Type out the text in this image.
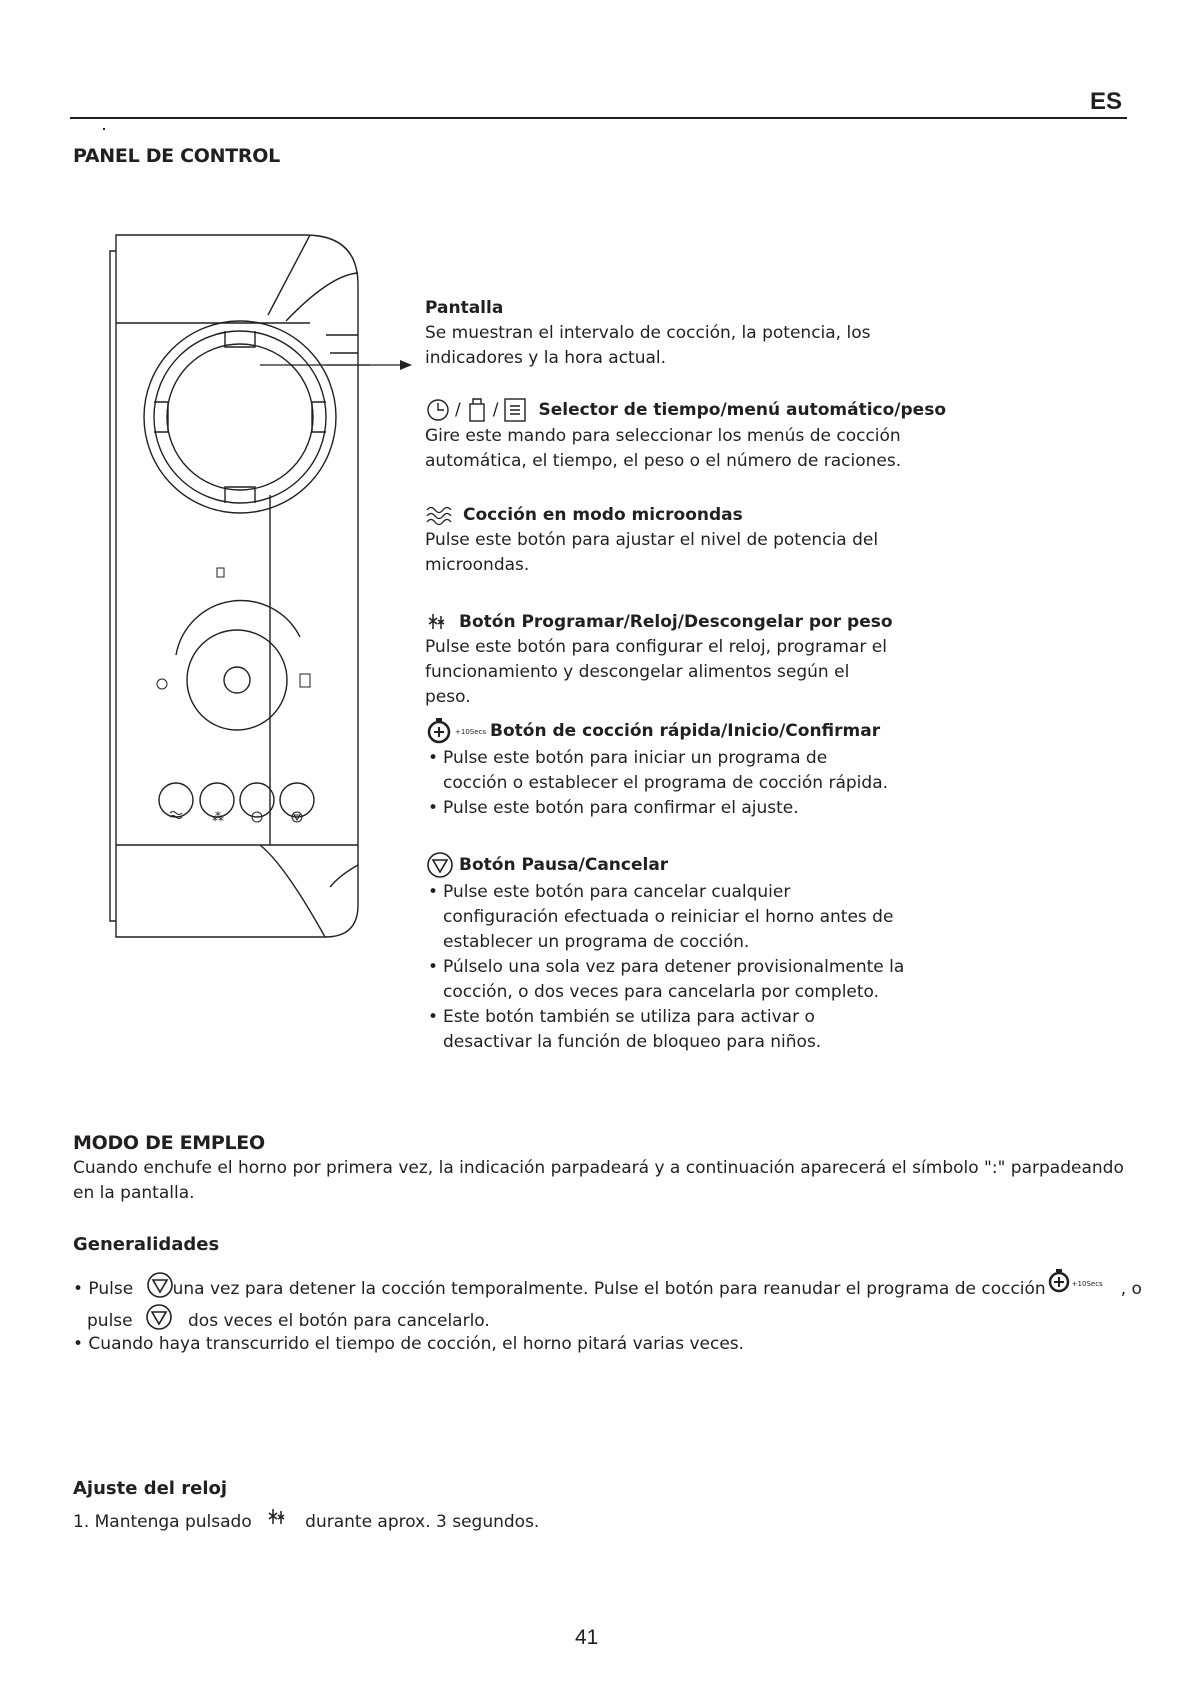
ES
PANEL DE CONTROL
⁂
Pantalla
Se muestran el intervalo de cocción, la potencia, los indicadores y la hora actual.
/ / Selector de tiempo/menú automático/peso
Gire este mando para seleccionar los menús de cocción automática, el tiempo, el peso o el número de raciones.
Cocción en modo microondas
Pulse este botón para ajustar el nivel de potencia del microondas.
Botón Programar/Reloj/Descongelar por peso
Pulse este botón para configurar el reloj, programar el funcionamiento y descongelar alimentos según el peso.
+10Secs Botón de cocción rápida/Inicio/Confirmar
• Pulse este botón para iniciar un programa de cocción o establecer el programa de cocción rápida.
• Pulse este botón para confirmar el ajuste.
Botón Pausa/Cancelar
• Pulse este botón para cancelar cualquier configuración efectuada o reiniciar el horno antes de establecer un programa de cocción.
• Púlselo una sola vez para detener provisionalmente la cocción, o dos veces para cancelarla por completo.
• Este botón también se utiliza para activar o desactivar la función de bloqueo para niños.
MODO DE EMPLEO
Cuando enchufe el horno por primera vez, la indicación parpadeará y a continuación aparecerá el símbolo ":" parpadeando en la pantalla.
Generalidades
• Pulse una vez para detener la cocción temporalmente. Pulse el botón para reanudar el programa de cocción	$^{+10Secs}$ , o
pulse	dos veces el botón para cancelarlo.
• Cuando haya transcurrido el tiempo de cocción, el horno pitará varias veces.
Ajuste del reloj
1. Mantenga pulsado	durante aprox. 3 segundos.
41
